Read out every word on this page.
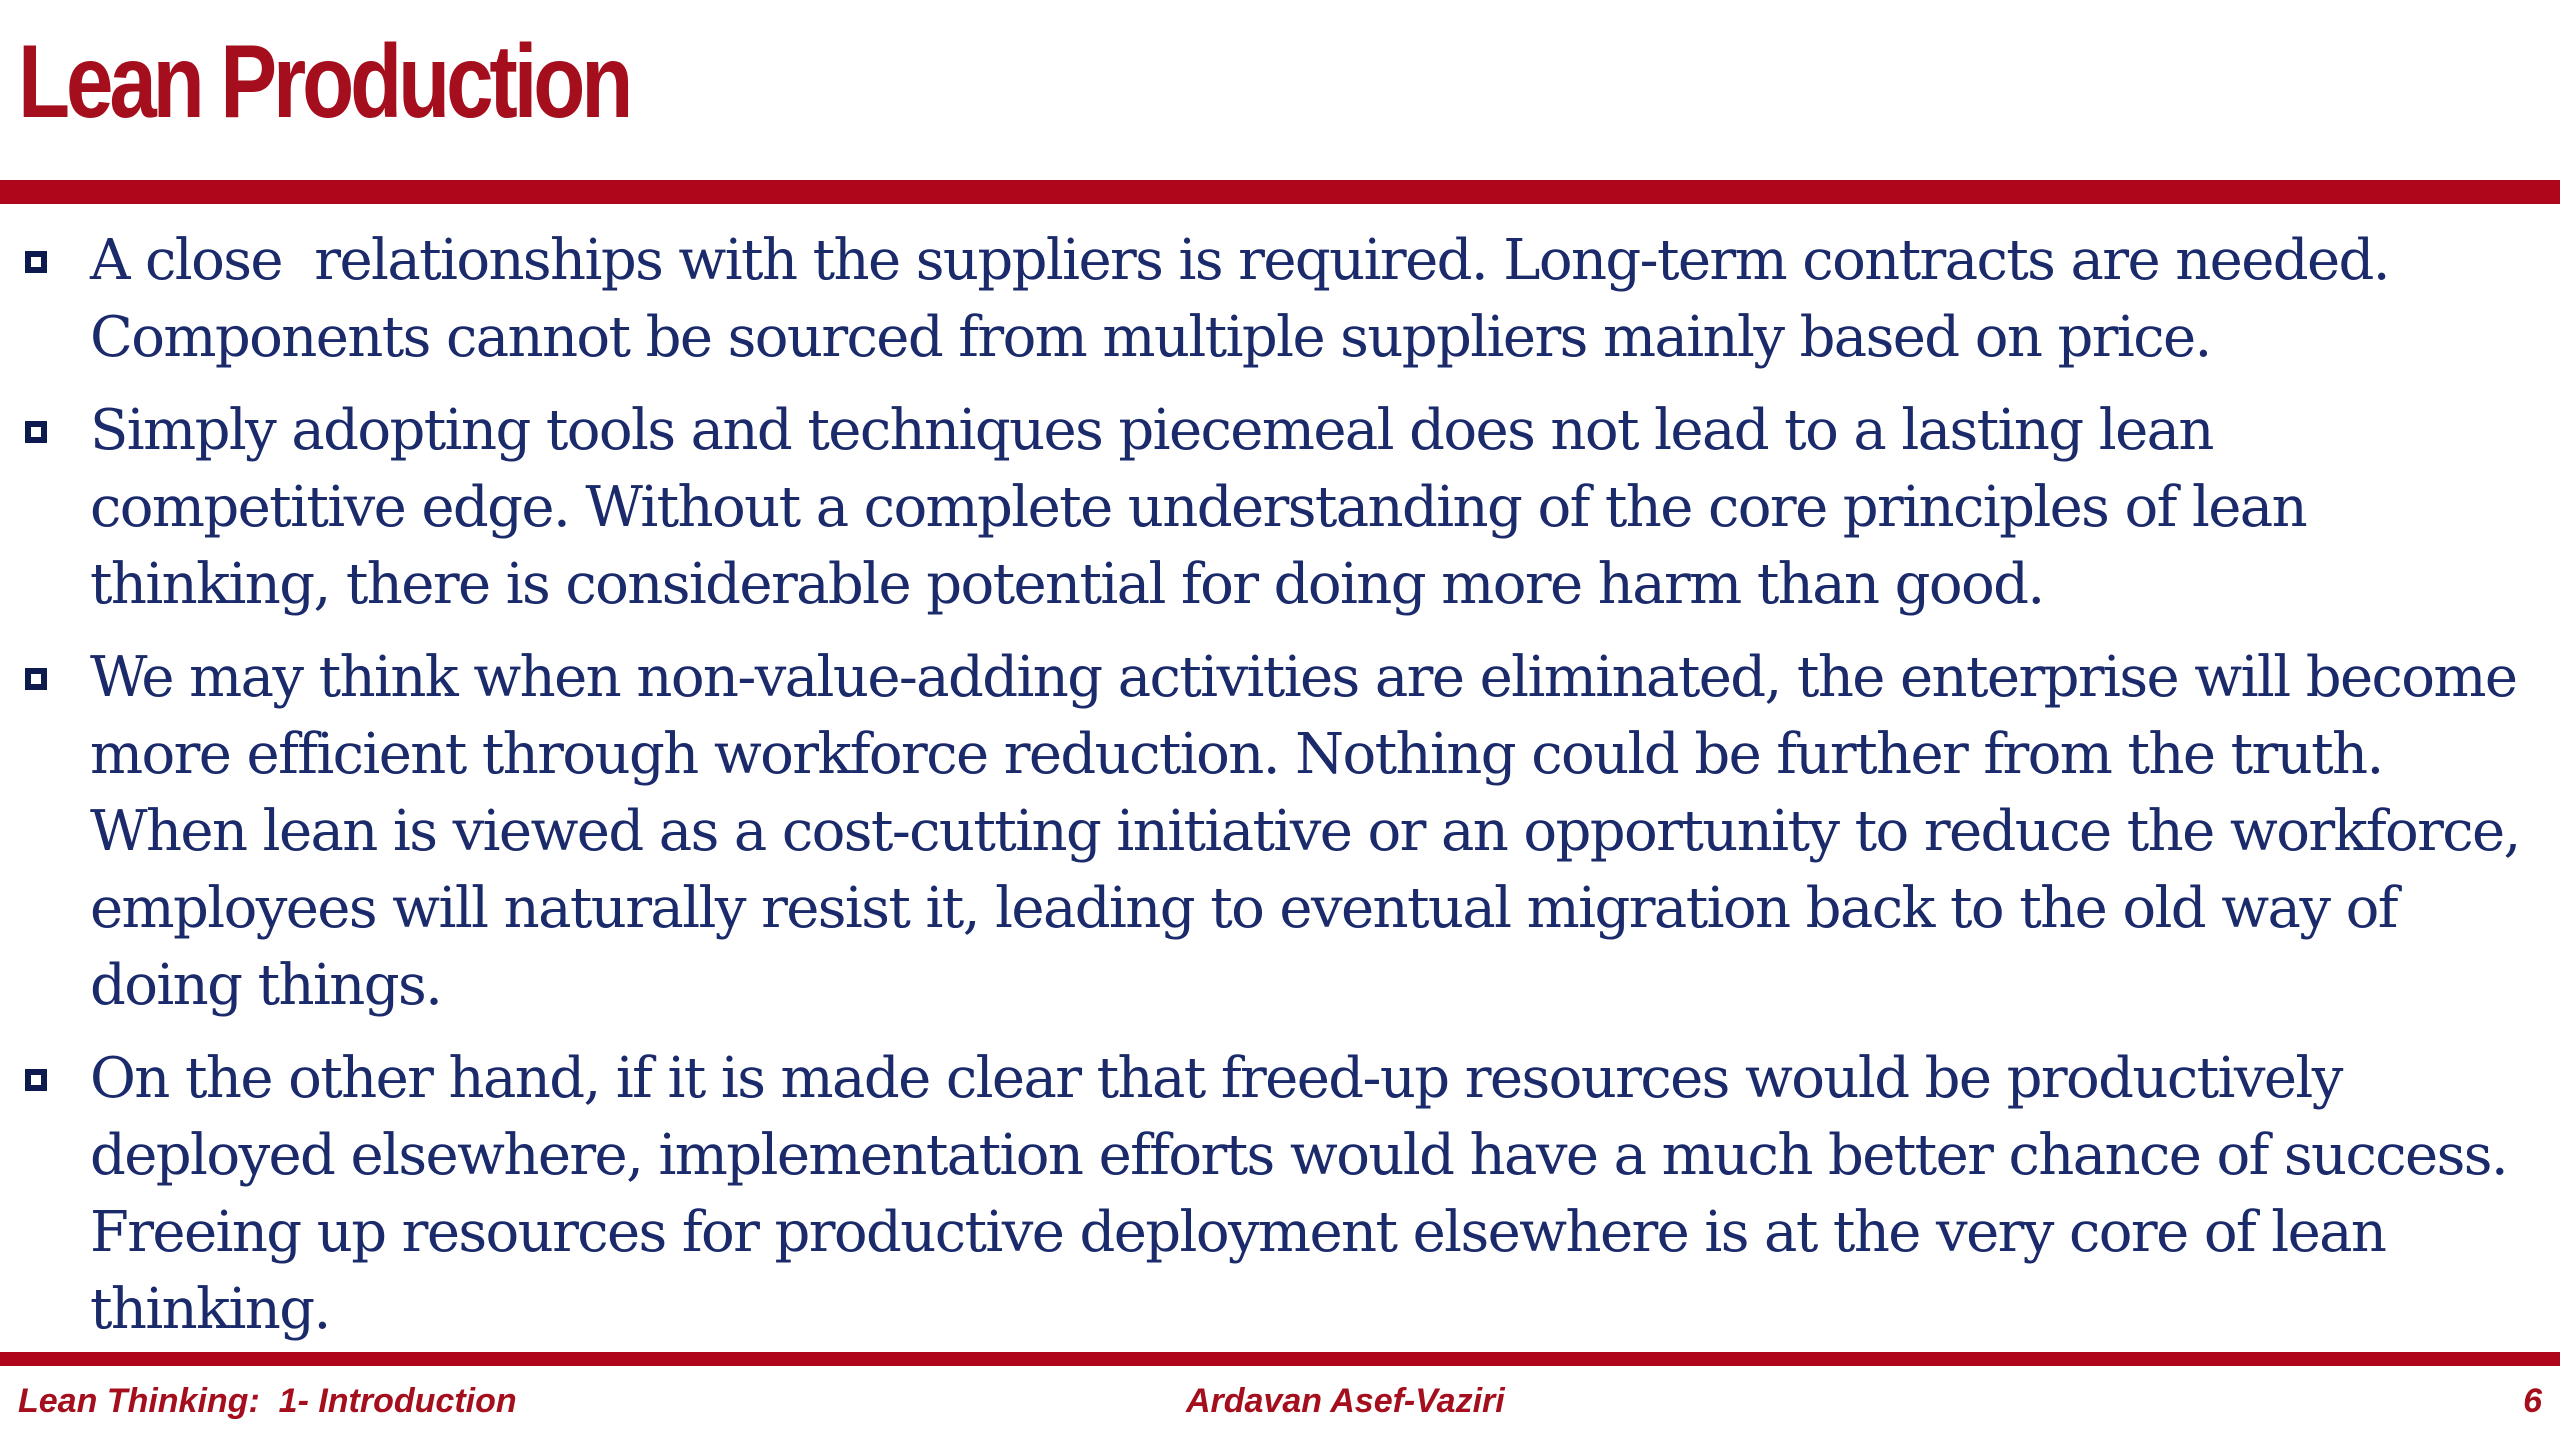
Lean Production
A close  relationships with the suppliers is required. Long-term contracts are needed. Components cannot be sourced from multiple suppliers mainly based on price.
Simply adopting tools and techniques piecemeal does not lead to a lasting lean competitive edge. Without a complete understanding of the core principles of lean thinking, there is considerable potential for doing more harm than good.
We may think when non-value-adding activities are eliminated, the enterprise will become more efficient through workforce reduction. Nothing could be further from the truth. When lean is viewed as a cost-cutting initiative or an opportunity to reduce the workforce, employees will naturally resist it, leading to eventual migration back to the old way of doing things.
On the other hand, if it is made clear that freed-up resources would be productively deployed elsewhere, implementation efforts would have a much better chance of success. Freeing up resources for productive deployment elsewhere is at the very core of lean thinking.
Lean Thinking:  1- Introduction	Ardavan Asef-Vaziri	6
